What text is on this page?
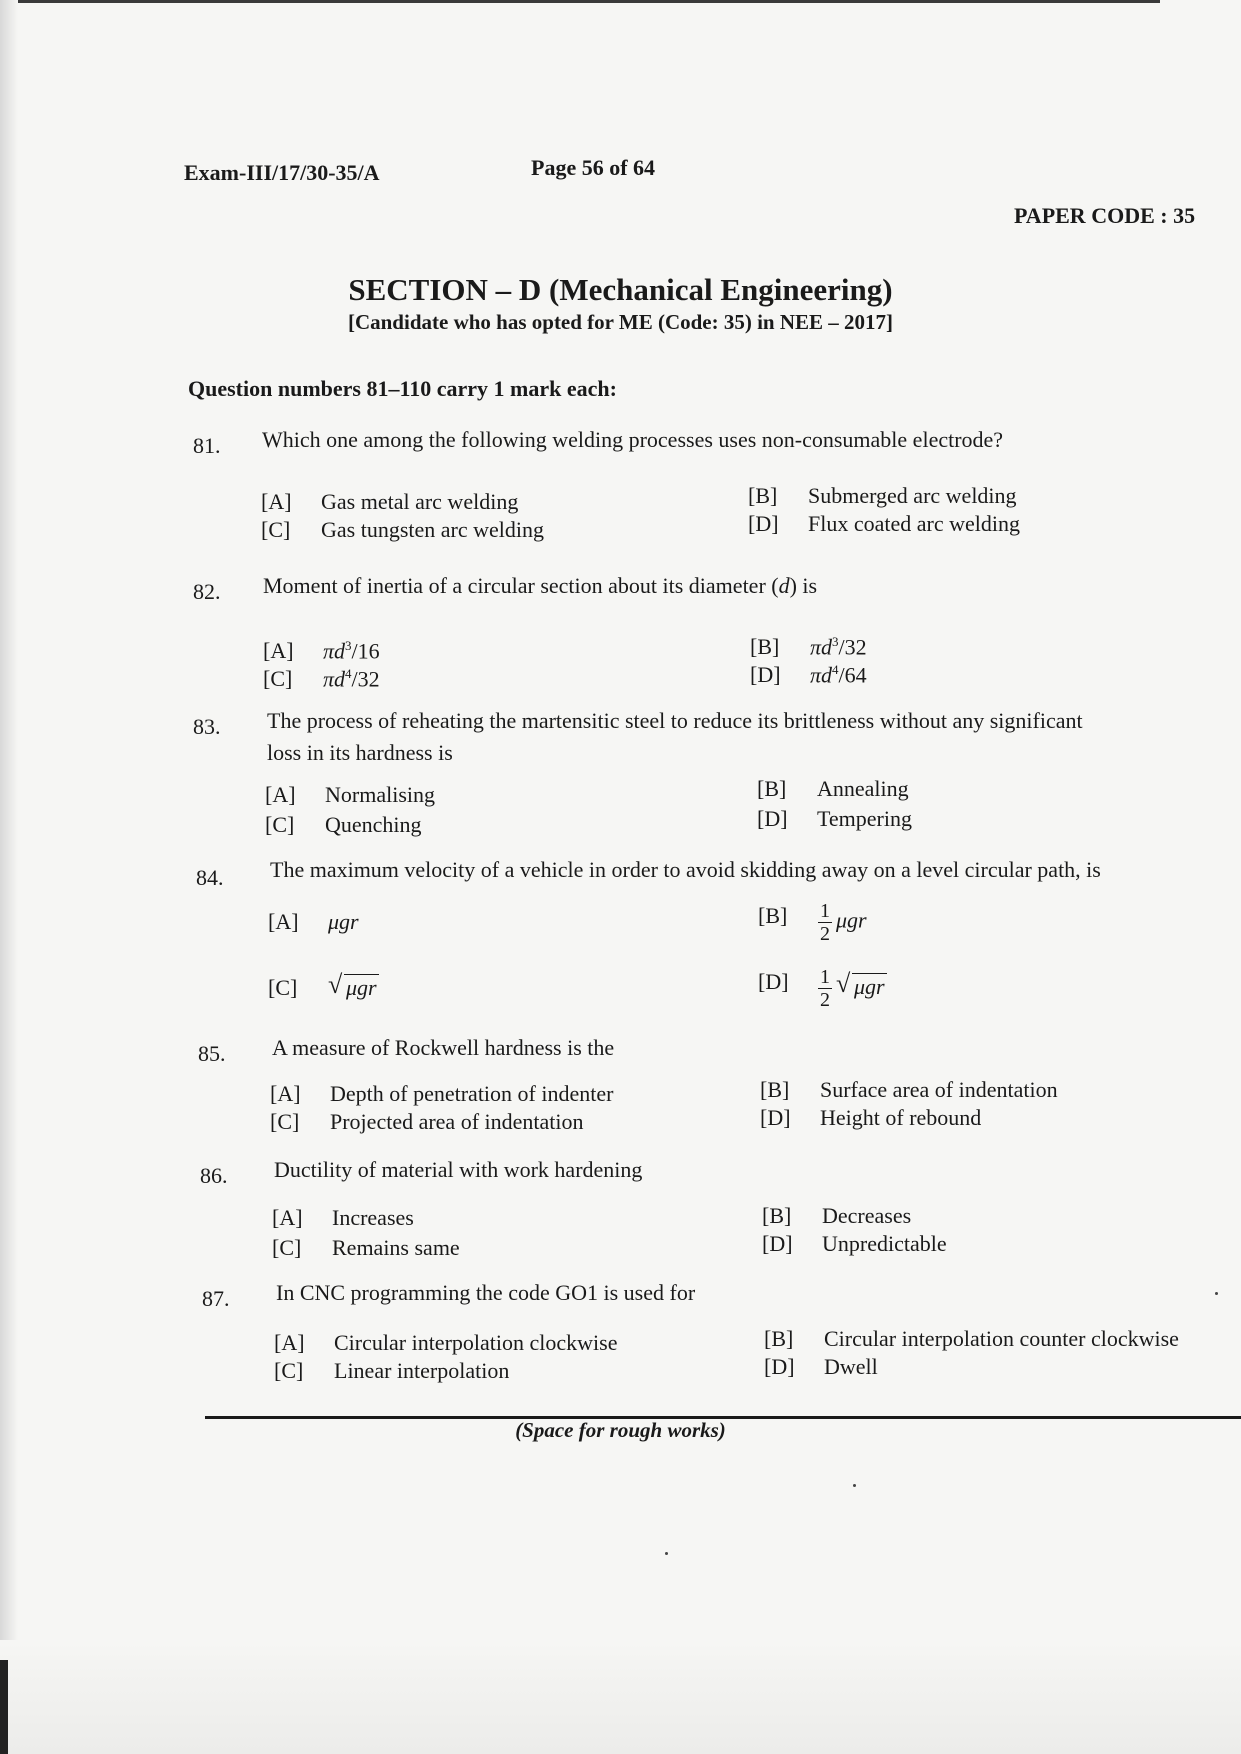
Exam-III/17/30-35/A	Page 56 of 64
PAPER CODE : 35
SECTION – D (Mechanical Engineering)
[Candidate who has opted for ME (Code: 35) in NEE – 2017]
Question numbers 81–110 carry 1 mark each:
81.	Which one among the following welding processes uses non-consumable electrode?
[A] Gas metal arc welding	[B] Submerged arc welding
[C] Gas tungsten arc welding	[D] Flux coated arc welding
82.	Moment of inertia of a circular section about its diameter (d) is
[A] $\pi d^3/16$	[B] $\pi d^3/32$
[C] $\pi d^4/32$	[D] $\pi d^4/64$
83.	The process of reheating the martensitic steel to reduce its brittleness without any significant
loss in its hardness is
[A] Normalising	[B] Annealing
[C] Quenching	[D] Tempering
84.	The maximum velocity of a vehicle in order to avoid skidding away on a level circular path, is
[A] μgr	$[B] \frac{1}{2}$ μgr
[C] √ μgr	$[D] \frac{1}{2}$ √ μgr
85.	A measure of Rockwell hardness is the
[A] Depth of penetration of indenter	[B] Surface area of indentation
[C] Projected area of indentation	[D] Height of rebound
86.	Ductility of material with work hardening
[A] Increases	[B] Decreases
[C] Remains same	[D] Unpredictable
87.	In CNC programming the code GO1 is used for
[A] Circular interpolation clockwise	[B] Circular interpolation counter clockwise
[C] Linear interpolation	[D] Dwell
(Space for rough works)
